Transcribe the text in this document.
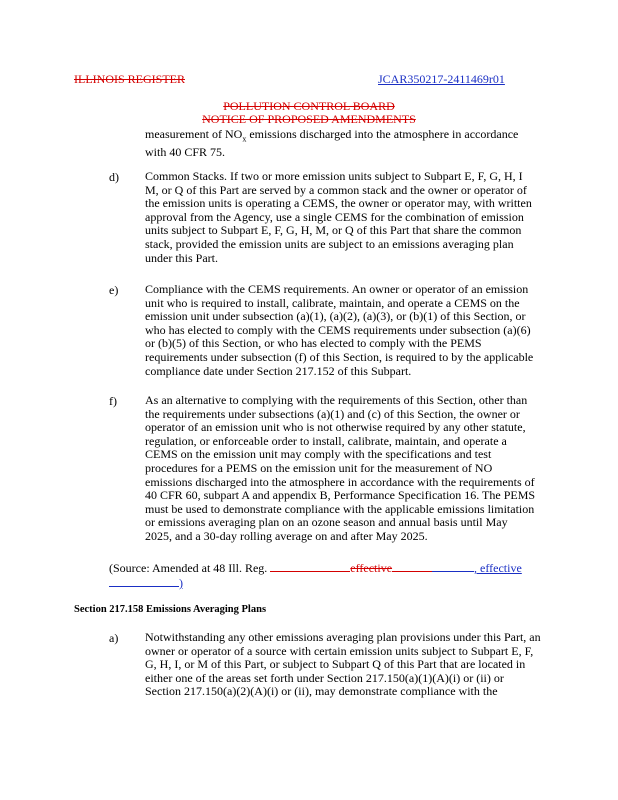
ILLINOIS REGISTER	JCAR350217-2411469r01
POLLUTION CONTROL BOARD
NOTICE OF PROPOSED AMENDMENTS
measurement of $NO_x$ emissions discharged into the atmosphere in accordance
with 40 CFR 75.
d) Common Stacks. If two or more emission units subject to Subpart E, F, G, H, I
M, or Q of this Part are served by a common stack and the owner or operator of
the emission units is operating a CEMS, the owner or operator may, with written
approval from the Agency, use a single CEMS for the combination of emission
units subject to Subpart E, F, G, H, M, or Q of this Part that share the common
stack, provided the emission units are subject to an emissions averaging plan
under this Part.
e) Compliance with the CEMS requirements. An owner or operator of an emission
unit who is required to install, calibrate, maintain, and operate a CEMS on the
emission unit under subsection (a)(1), (a)(2), (a)(3), or (b)(1) of this Section, or
who has elected to comply with the CEMS requirements under subsection (a)(6)
or (b)(5) of this Section, or who has elected to comply with the PEMS
requirements under subsection (f) of this Section, is required to by the applicable
compliance date under Section 217.152 of this Subpart.
f) As an alternative to complying with the requirements of this Section, other than
the requirements under subsections (a)(1) and (c) of this Section, the owner or
operator of an emission unit who is not otherwise required by any other statute,
regulation, or enforceable order to install, calibrate, maintain, and operate a
CEMS on the emission unit may comply with the specifications and test
procedures for a PEMS on the emission unit for the measurement of NO
emissions discharged into the atmosphere in accordance with the requirements of
40 CFR 60, subpart A and appendix B, Performance Specification 16. The PEMS
must be used to demonstrate compliance with the applicable emissions limitation
or emissions averaging plan on an ozone season and annual basis until May
2025, and a 30-day rolling average on and after May 2025.
(Source: Amended at 48 Ill. Reg.	effective	, effective
)
Section 217.158 Emissions Averaging Plans
a) Notwithstanding any other emissions averaging plan provisions under this Part, an
owner or operator of a source with certain emission units subject to Subpart E, F,
G, H, I, or M of this Part, or subject to Subpart Q of this Part that are located in
either one of the areas set forth under Section 217.150(a)(1)(A)(i) or (ii) or
Section 217.150(a)(2)(A)(i) or (ii), may demonstrate compliance with the
